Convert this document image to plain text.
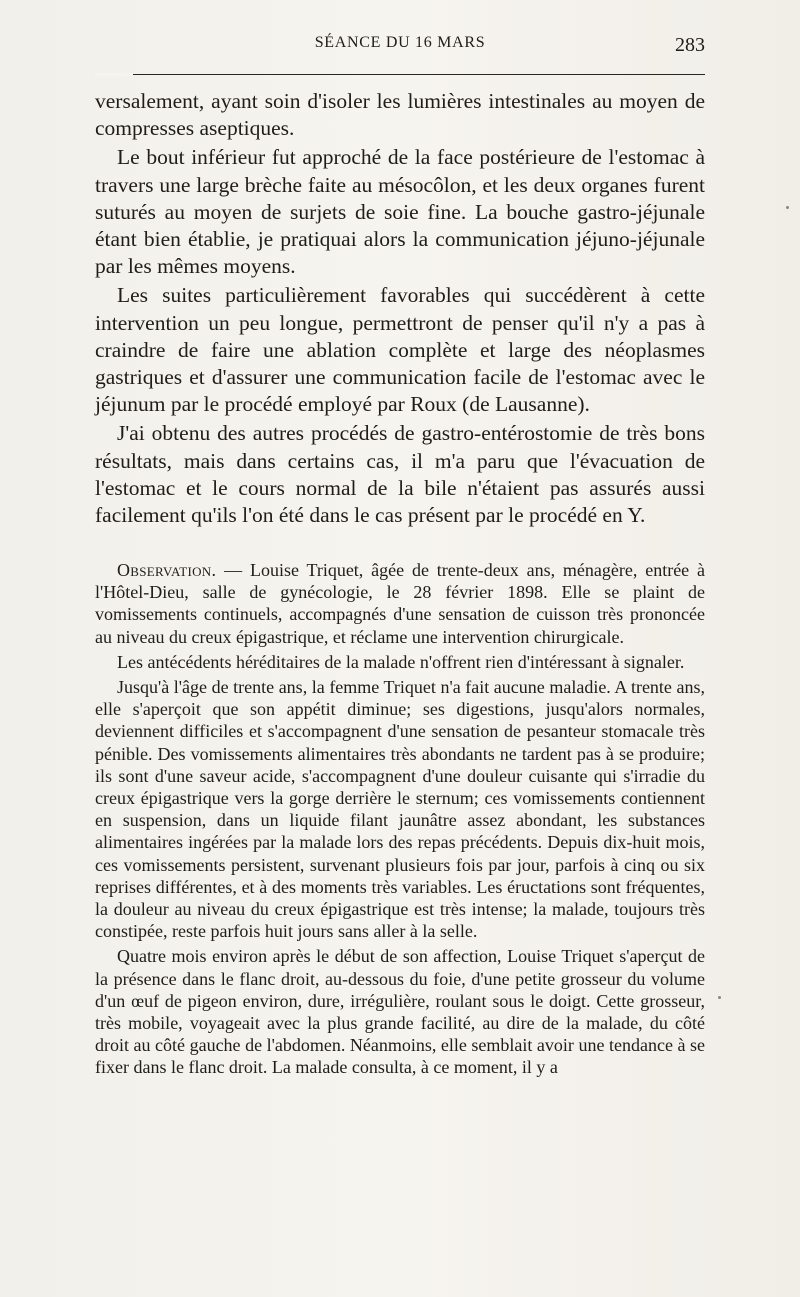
SÉANCE DU 16 MARS	283

versalement, ayant soin d'isoler les lumières intestinales au moyen de compresses aseptiques.

Le bout inférieur fut approché de la face postérieure de l'estomac à travers une large brèche faite au mésocôlon, et les deux organes furent suturés au moyen de surjets de soie fine. La bouche gastro-jéjunale étant bien établie, je pratiquai alors la communication jéjuno-jéjunale par les mêmes moyens.

Les suites particulièrement favorables qui succédèrent à cette intervention un peu longue, permettront de penser qu'il n'y a pas à craindre de faire une ablation complète et large des néoplasmes gastriques et d'assurer une communication facile de l'estomac avec le jéjunum par le procédé employé par Roux (de Lausanne).

J'ai obtenu des autres procédés de gastro-entérostomie de très bons résultats, mais dans certains cas, il m'a paru que l'évacuation de l'estomac et le cours normal de la bile n'étaient pas assurés aussi facilement qu'ils l'on été dans le cas présent par le procédé en Y.

Observation. — Louise Triquet, âgée de trente-deux ans, ménagère, entrée à l'Hôtel-Dieu, salle de gynécologie, le 28 février 1898. Elle se plaint de vomissements continuels, accompagnés d'une sensation de cuisson très prononcée au niveau du creux épigastrique, et réclame une intervention chirurgicale.

Les antécédents héréditaires de la malade n'offrent rien d'intéressant à signaler.

Jusqu'à l'âge de trente ans, la femme Triquet n'a fait aucune maladie. A trente ans, elle s'aperçoit que son appétit diminue; ses digestions, jusqu'alors normales, deviennent difficiles et s'accompagnent d'une sensation de pesanteur stomacale très pénible. Des vomissements alimentaires très abondants ne tardent pas à se produire; ils sont d'une saveur acide, s'accompagnent d'une douleur cuisante qui s'irradie du creux épigastrique vers la gorge derrière le sternum; ces vomissements contiennent en suspension, dans un liquide filant jaunâtre assez abondant, les substances alimentaires ingérées par la malade lors des repas précédents. Depuis dix-huit mois, ces vomissements persistent, survenant plusieurs fois par jour, parfois à cinq ou six reprises différentes, et à des moments très variables. Les éructations sont fréquentes, la douleur au niveau du creux épigastrique est très intense; la malade, toujours très constipée, reste parfois huit jours sans aller à la selle.

Quatre mois environ après le début de son affection, Louise Triquet s'aperçut de la présence dans le flanc droit, au-dessous du foie, d'une petite grosseur du volume d'un œuf de pigeon environ, dure, irrégulière, roulant sous le doigt. Cette grosseur, très mobile, voyageait avec la plus grande facilité, au dire de la malade, du côté droit au côté gauche de l'abdomen. Néanmoins, elle semblait avoir une tendance à se fixer dans le flanc droit. La malade consulta, à ce moment, il y a
